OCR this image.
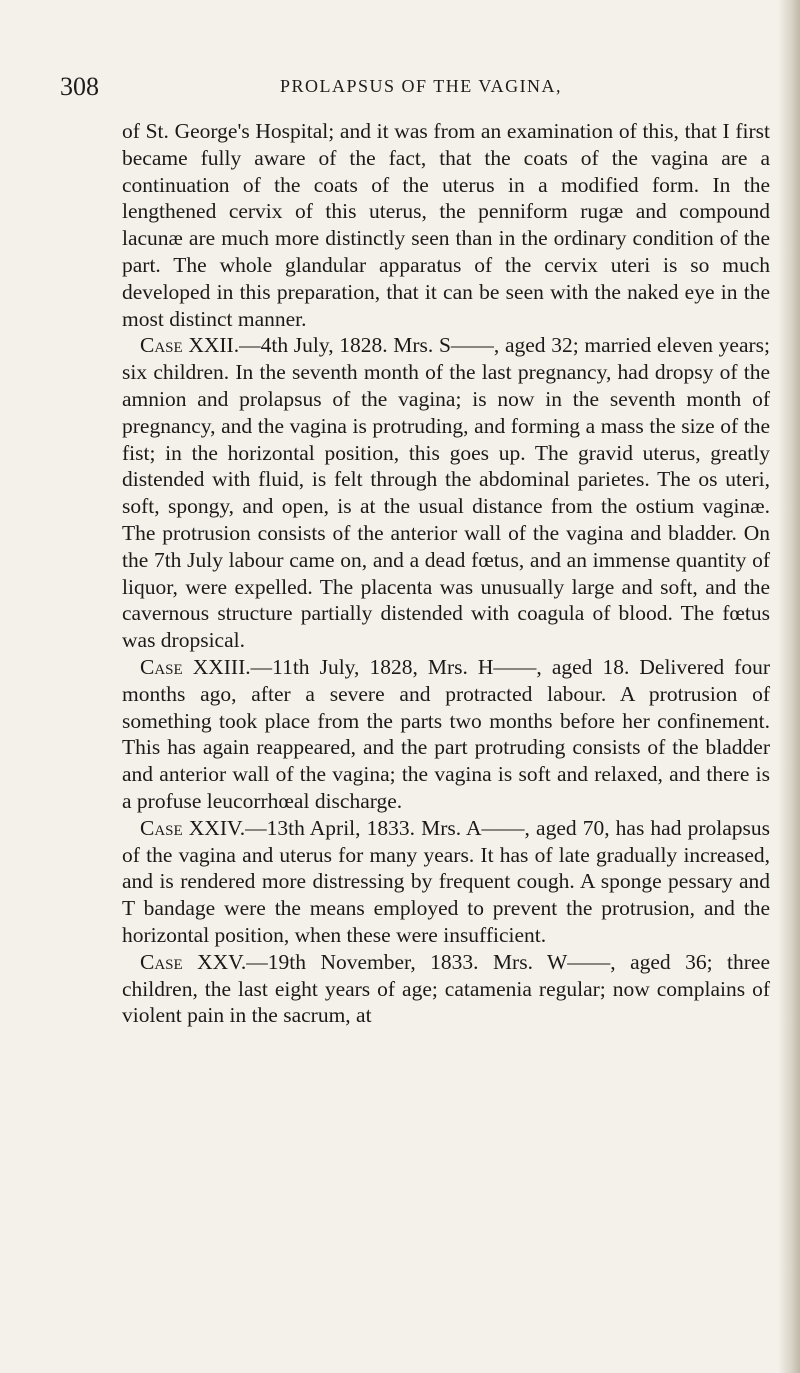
308	PROLAPSUS OF THE VAGINA,

of St. George's Hospital; and it was from an examination of this, that I first became fully aware of the fact, that the coats of the vagina are a continuation of the coats of the uterus in a modified form. In the lengthened cervix of this uterus, the penniform rugæ and compound lacunæ are much more distinctly seen than in the ordinary condition of the part. The whole glandular apparatus of the cervix uteri is so much developed in this preparation, that it can be seen with the naked eye in the most distinct manner.

Case XXII.—4th July, 1828. Mrs. S——, aged 32; married eleven years; six children. In the seventh month of the last pregnancy, had dropsy of the amnion and prolapsus of the vagina; is now in the seventh month of pregnancy, and the vagina is protruding, and forming a mass the size of the fist; in the horizontal position, this goes up. The gravid uterus, greatly distended with fluid, is felt through the abdominal parietes. The os uteri, soft, spongy, and open, is at the usual distance from the ostium vaginæ. The protrusion consists of the anterior wall of the vagina and bladder. On the 7th July labour came on, and a dead fœtus, and an immense quantity of liquor, were expelled. The placenta was unusually large and soft, and the cavernous structure partially distended with coagula of blood. The fœtus was dropsical.

Case XXIII.—11th July, 1828, Mrs. H——, aged 18. Delivered four months ago, after a severe and protracted labour. A protrusion of something took place from the parts two months before her confinement. This has again reappeared, and the part protruding consists of the bladder and anterior wall of the vagina; the vagina is soft and relaxed, and there is a profuse leucorrhœal discharge.

Case XXIV.—13th April, 1833. Mrs. A——, aged 70, has had prolapsus of the vagina and uterus for many years. It has of late gradually increased, and is rendered more distressing by frequent cough. A sponge pessary and T bandage were the means employed to prevent the protrusion, and the horizontal position, when these were insufficient.

Case XXV.—19th November, 1833. Mrs. W——, aged 36; three children, the last eight years of age; catamenia regular; now complains of violent pain in the sacrum, at
